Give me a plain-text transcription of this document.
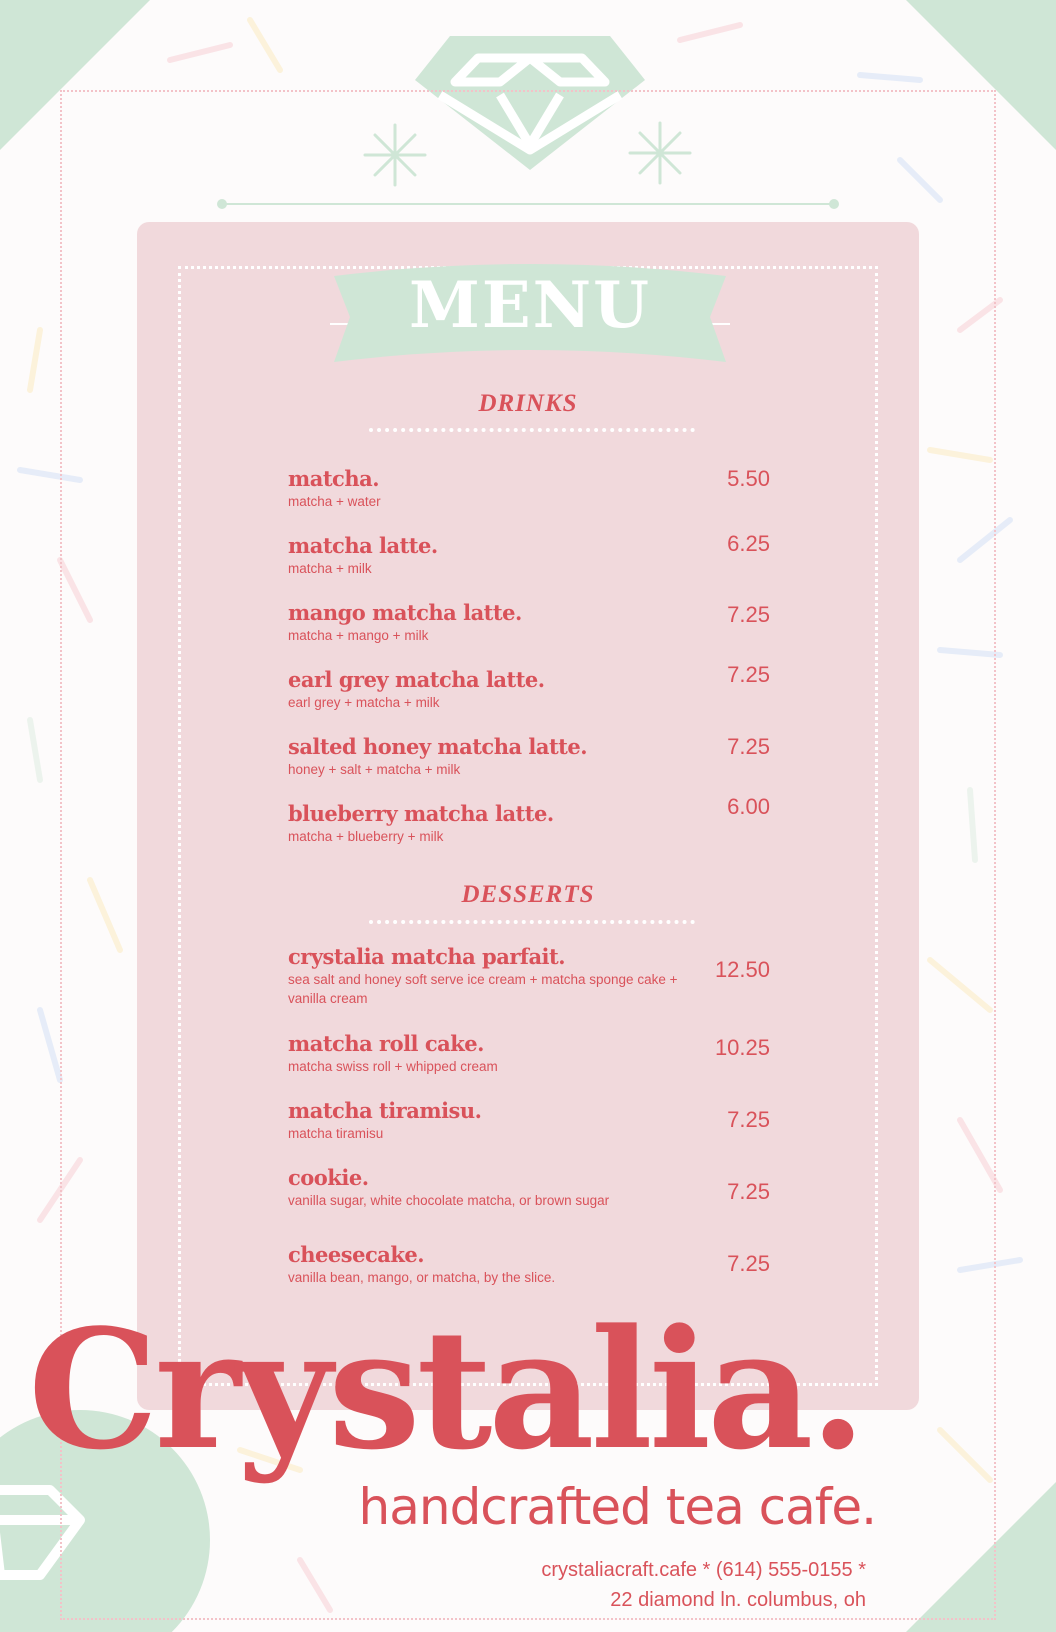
MENU
DRINKS
matcha.
matcha + water
5.50
matcha latte.
matcha + milk
6.25
mango matcha latte.
matcha + mango + milk
7.25
earl grey matcha latte.
earl grey + matcha + milk
7.25
salted honey matcha latte.
honey + salt + matcha + milk
7.25
blueberry matcha latte.
matcha + blueberry + milk
6.00
DESSERTS
crystalia matcha parfait.
sea salt and honey soft serve ice cream + matcha sponge cake + vanilla cream
12.50
matcha roll cake.
matcha swiss roll + whipped cream
10.25
matcha tiramisu.
matcha tiramisu
7.25
cookie.
vanilla sugar, white chocolate matcha, or brown sugar	7.25
cheesecake.
vanilla bean, mango, or matcha, by the slice.
7.25
Crystalia.
handcrafted tea cafe.
crystaliacraft.cafe * (614) 555-0155 *
22 diamond ln. columbus, oh
